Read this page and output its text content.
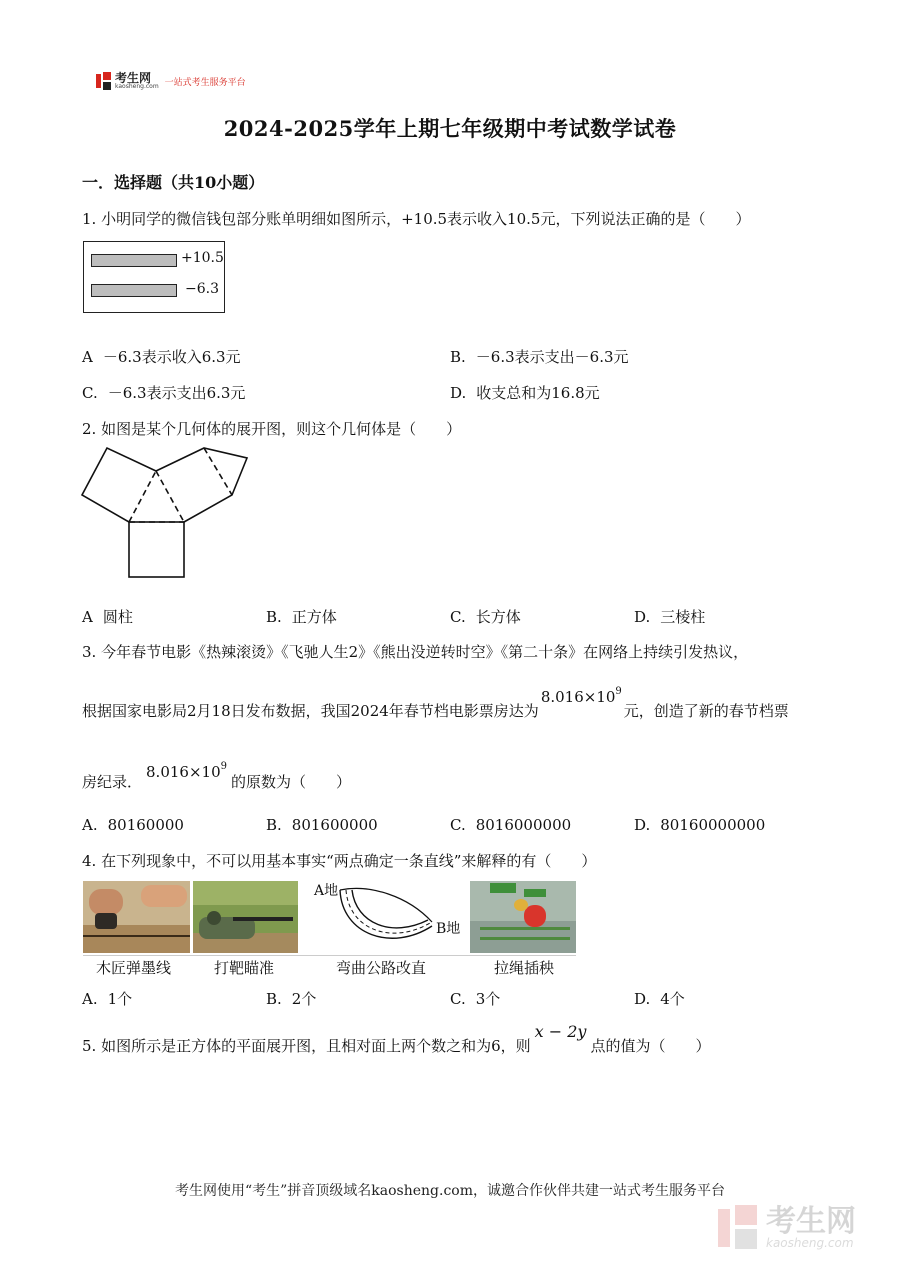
考生网
kaosheng.com 一站式考生服务平台
2024-2025学年上期七年级期中考试数学试卷
一．选择题（共10小题）
1. 小明同学的微信钱包部分账单明细如图所示，+10.5表示收入10.5元，下列说法正确的是（　　）
+10.5
−6.3
A －6.3表示收入6.3元	B. －6.3表示支出－6.3元
C. －6.3表示支出6.3元	D. 收支总和为16.8元
2. 如图是某个几何体的展开图，则这个几何体是（　　）
A 圆柱	B. 正方体	C. 长方体	D. 三棱柱
3. 今年春节电影《热辣滚烫》《飞驰人生2》《熊出没逆转时空》《第二十条》在网络上持续引发热议，
根据国家电影局2月18日发布数据，我国2024年春节档电影票房达为$8.016\times 10^9$元，创造了新的春节档票
房纪录．$8.016\times 10^9$的原数为（　　）
A. 80160000	B. 801600000	C. 8016000000	D. 80160000000
4. 在下列现象中，不可以用基本事实“两点确定一条直线”来解释的有（　　）
A地
B地
木匠弹墨线	打靶瞄准	弯曲公路改直	拉绳插秧
A. 1个	B. 2个	C. 3个	D. 4个
5. 如图所示是正方体的平面展开图，且相对面上两个数之和为6，则x − 2y点的值为（　　）
考生网使用“考生”拼音顶级域名kaosheng.com，诚邀合作伙伴共建一站式考生服务平台
考生网
kaosheng.com
